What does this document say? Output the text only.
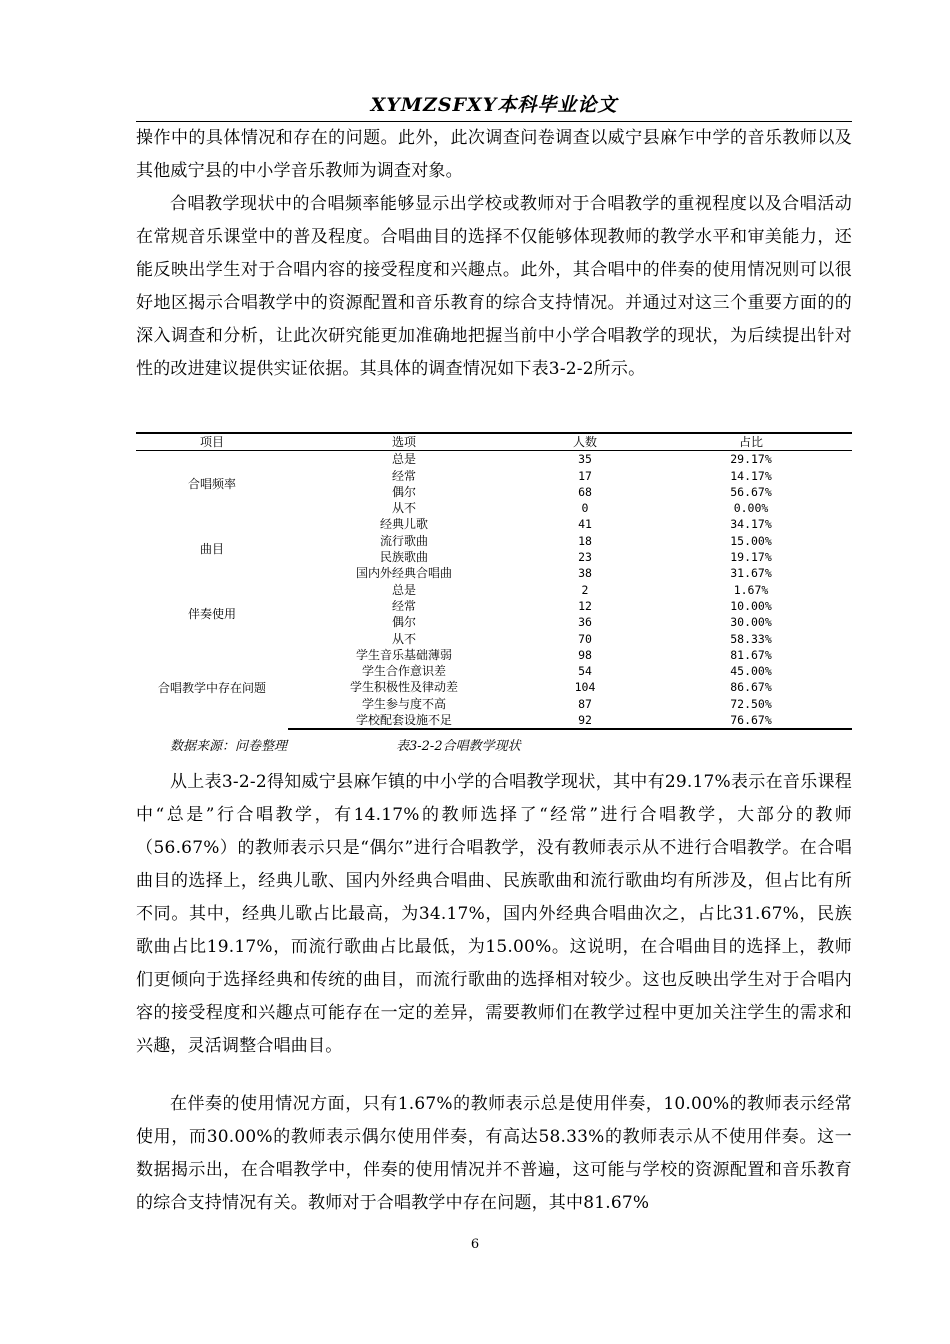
XYMZSFXY本科毕业论文

操作中的具体情况和存在的问题。此外，此次调查问卷调查以威宁县麻乍中学的音乐教师以及其他威宁县的中小学音乐教师为调查对象。

合唱教学现状中的合唱频率能够显示出学校或教师对于合唱教学的重视程度以及合唱活动在常规音乐课堂中的普及程度。合唱曲目的选择不仅能够体现教师的教学水平和审美能力，还能反映出学生对于合唱内容的接受程度和兴趣点。此外，其合唱中的伴奏的使用情况则可以很好地区揭示合唱教学中的资源配置和音乐教育的综合支持情况。并通过对这三个重要方面的的深入调查和分析，让此次研究能更加准确地把握当前中小学合唱教学的现状，为后续提出针对性的改进建议提供实证依据。其具体的调查情况如下表3-2-2所示。

项目	选项	人数	占比
合唱频率	总是	35	29.17%
	经常	17	14.17%
	偶尔	68	56.67%
	从不	0	0.00%
曲目	经典儿歌	41	34.17%
	流行歌曲	18	15.00%
	民族歌曲	23	19.17%
	国内外经典合唱曲	38	31.67%
伴奏使用	总是	2	1.67%
	经常	12	10.00%
	偶尔	36	30.00%
	从不	70	58.33%
合唱教学中存在问题	学生音乐基础薄弱	98	81.67%
	学生合作意识差	54	45.00%
	学生积极性及律动差	104	86.67%
	学生参与度不高	87	72.50%
	学校配套设施不足	92	76.67%
数据来源：问卷整理	表3-2-2合唱教学现状

从上表3-2-2得知威宁县麻乍镇的中小学的合唱教学现状，其中有29.17%表示在音乐课程中“总是”行合唱教学，有14.17%的教师选择了“经常”进行合唱教学，大部分的教师（56.67%）的教师表示只是“偶尔”进行合唱教学，没有教师表示从不进行合唱教学。在合唱曲目的选择上，经典儿歌、国内外经典合唱曲、民族歌曲和流行歌曲均有所涉及，但占比有所不同。其中，经典儿歌占比最高，为34.17%，国内外经典合唱曲次之，占比31.67%，民族歌曲占比19.17%，而流行歌曲占比最低，为15.00%。这说明，在合唱曲目的选择上，教师们更倾向于选择经典和传统的曲目，而流行歌曲的选择相对较少。这也反映出学生对于合唱内容的接受程度和兴趣点可能存在一定的差异，需要教师们在教学过程中更加关注学生的需求和兴趣，灵活调整合唱曲目。

在伴奏的使用情况方面，只有1.67%的教师表示总是使用伴奏，10.00%的教师表示经常使用，而30.00%的教师表示偶尔使用伴奏，有高达58.33%的教师表示从不使用伴奏。这一数据揭示出，在合唱教学中，伴奏的使用情况并不普遍，这可能与学校的资源配置和音乐教育的综合支持情况有关。教师对于合唱教学中存在问题，其中81.67%

6
